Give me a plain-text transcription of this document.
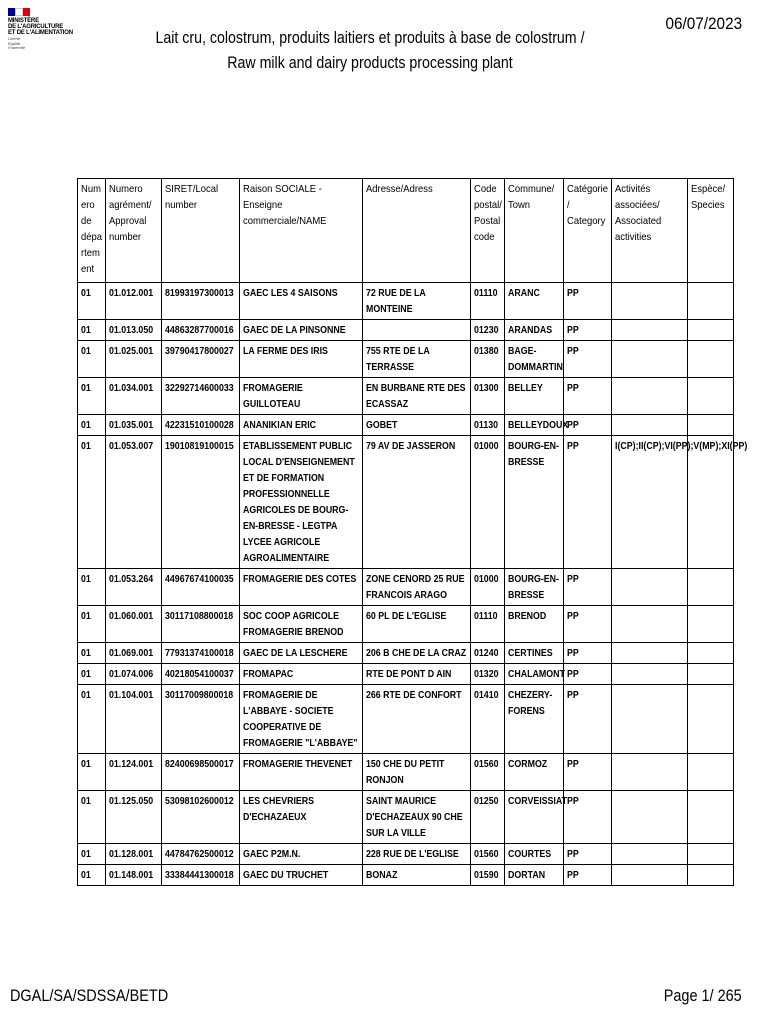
MINISTÈRE
DE L'AGRICULTURE
ET DE L'ALIMENTATION
Liberté
Égalité
Fraternité
Lait cru, colostrum, produits laitiers et produits à base de colostrum / Raw milk and dairy products processing plant
06/07/2023
Num ero de dépa rtem ent	Numero agrément/ Approval number	SIRET/Local number	Raison SOCIALE - Enseigne commerciale/NAME	Adresse/Adress	Code postal/ Postal code	Commune/ Town	Catégorie / Category	Activités associées/ Associated activities	Espèce/ Species

01	01.012.001	81993197300013	GAEC LES 4 SAISONS	72 RUE DE LA MONTEINE	01110	ARANC	PP		

01	01.013.050	44863287700016	GAEC DE LA PINSONNE		01230	ARANDAS	PP		

01	01.025.001	39790417800027	LA FERME DES IRIS	755 RTE DE LA TERRASSE	01380	BAGE-DOMMARTIN	PP		

01	01.034.001	32292714600033	FROMAGERIE GUILLOTEAU	EN BURBANE RTE DES ECASSAZ	01300	BELLEY	PP		

01	01.035.001	42231510100028	ANANIKIAN ERIC	GOBET	01130	BELLEYDOUX	PP		

01	01.053.007	19010819100015	ETABLISSEMENT PUBLIC LOCAL D'ENSEIGNEMENT ET DE FORMATION PROFESSIONNELLE AGRICOLES DE BOURG-EN-BRESSE - LEGTPA LYCEE AGRICOLE AGROALIMENTAIRE	79 AV DE JASSERON	01000	BOURG-EN-BRESSE	PP	I(CP);II(CP);VI(PP);V(MP);XI(PP)	

01	01.053.264	44967674100035	FROMAGERIE DES COTES	ZONE CENORD 25 RUE FRANCOIS ARAGO	01000	BOURG-EN-BRESSE	PP		

01	01.060.001	30117108800018	SOC COOP AGRICOLE FROMAGERIE BRENOD	60 PL DE L'EGLISE	01110	BRENOD	PP		

01	01.069.001	77931374100018	GAEC DE LA LESCHERE	206 B CHE DE LA CRAZ	01240	CERTINES	PP		

01	01.074.006	40218054100037	FROMAPAC	RTE DE PONT D AIN	01320	CHALAMONT	PP		

01	01.104.001	30117009800018	FROMAGERIE DE L'ABBAYE - SOCIETE COOPERATIVE DE FROMAGERIE "L'ABBAYE"	266 RTE DE CONFORT	01410	CHEZERY-FORENS	PP		

01	01.124.001	82400698500017	FROMAGERIE THEVENET	150 CHE DU PETIT RONJON	01560	CORMOZ	PP		

01	01.125.050	53098102600012	LES CHEVRIERS D'ECHAZAEUX	SAINT MAURICE D'ECHAZEAUX 90 CHE SUR LA VILLE	01250	CORVEISSIAT	PP		

01	01.128.001	44784762500012	GAEC P2M.N.	228 RUE DE L'EGLISE	01560	COURTES	PP		

01	01.148.001	33384441300018	GAEC DU TRUCHET	BONAZ	01590	DORTAN	PP		

DGAL/SA/SDSSA/BETD	Page 1/ 265
